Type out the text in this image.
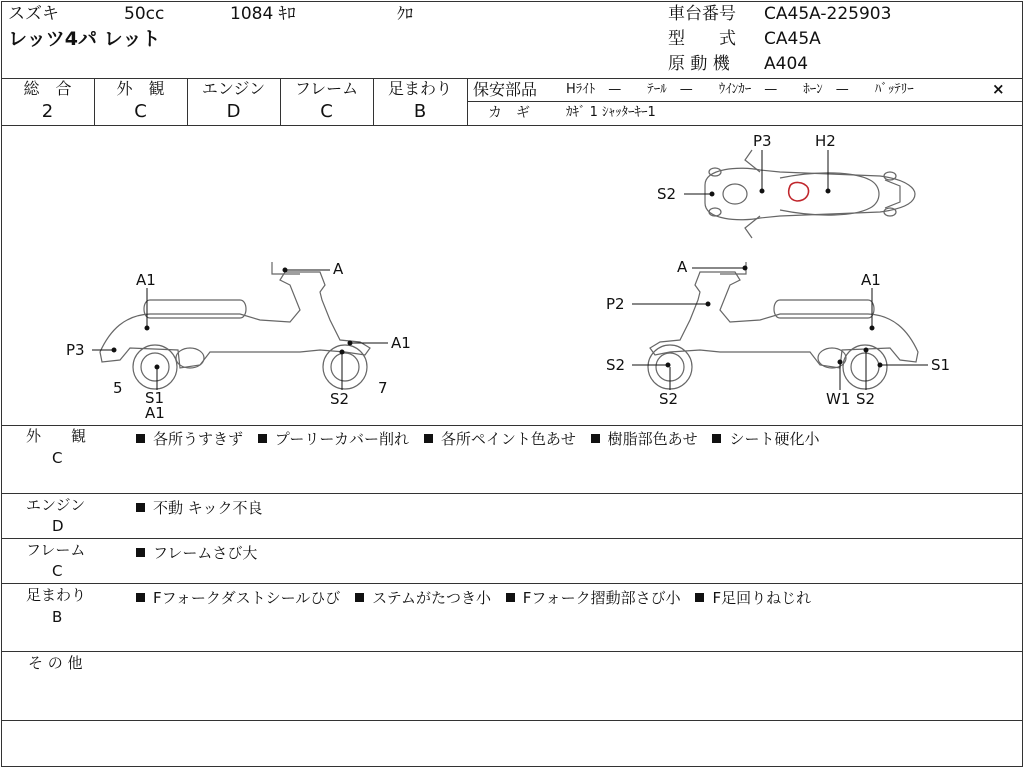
スズキ	50cc	1084 ｷﾛ	ｸﾛ
レッツ4パ レット
車台番号 CA45A-225903
型　　式 CA45A
原 動 機 A404
総　合	外　観	エンジン	フレーム	足まわり
2	C	D	C	B
保安部品 Hﾗｲﾄ　—　　ﾃｰﾙ　—　　ｳｲﾝｶｰ　—　　ﾎｰﾝ　—　　ﾊﾞｯﾃﾘｰ	×
カ　ギ	ｶｷﾞ 1 ｼｬｯﾀｰｷｰ1
P3	H2
S2
A
A1
P3	A1
5
S1
A1
S2
7
A
A1
P2
S2	S1
S2	W1 S2
外　　観
C
各所うすきず プーリーカバー削れ 各所ペイント色あせ 樹脂部色あせ シート硬化小
エンジン
D
不動 キック不良
フレーム
C
フレームさび大
足まわり
B
Fフォークダストシールひび ステムがたつき小 Fフォーク摺動部さび小 F足回りねじれ
そ の 他
